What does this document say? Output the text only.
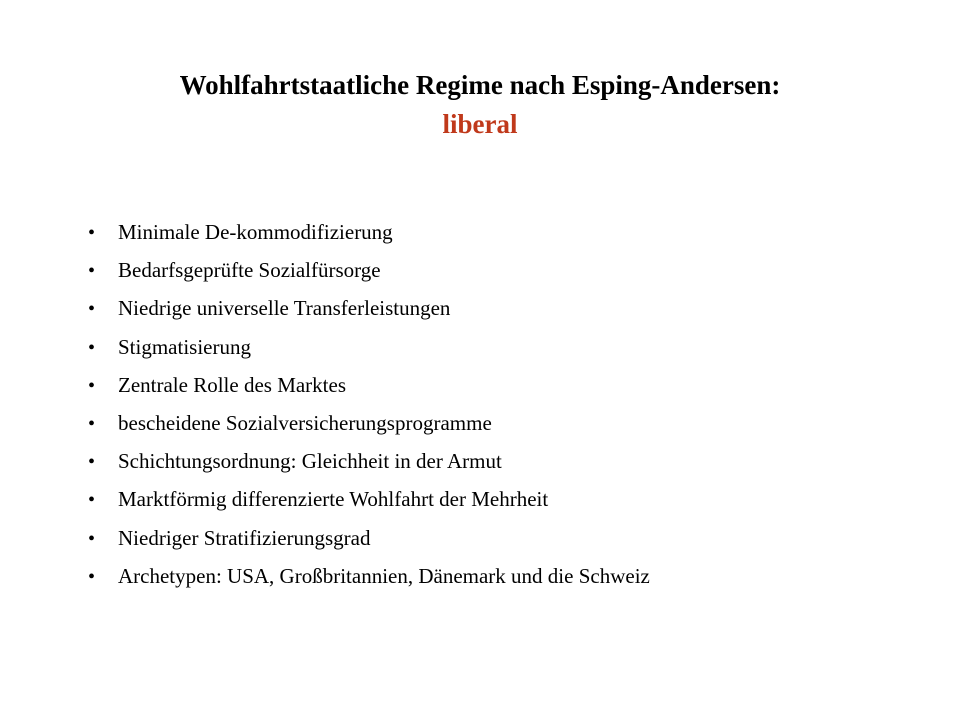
Wohlfahrtstaatliche Regime nach Esping-Andersen:
liberal
• Minimale De-kommodifizierung
• Bedarfsgeprüfte Sozialfürsorge
• Niedrige universelle Transferleistungen
• Stigmatisierung
• Zentrale Rolle des Marktes
• bescheidene Sozialversicherungsprogramme
• Schichtungsordnung: Gleichheit in der Armut
• Marktförmig differenzierte Wohlfahrt der Mehrheit
• Niedriger Stratifizierungsgrad
• Archetypen: USA, Großbritannien, Dänemark und die Schweiz
